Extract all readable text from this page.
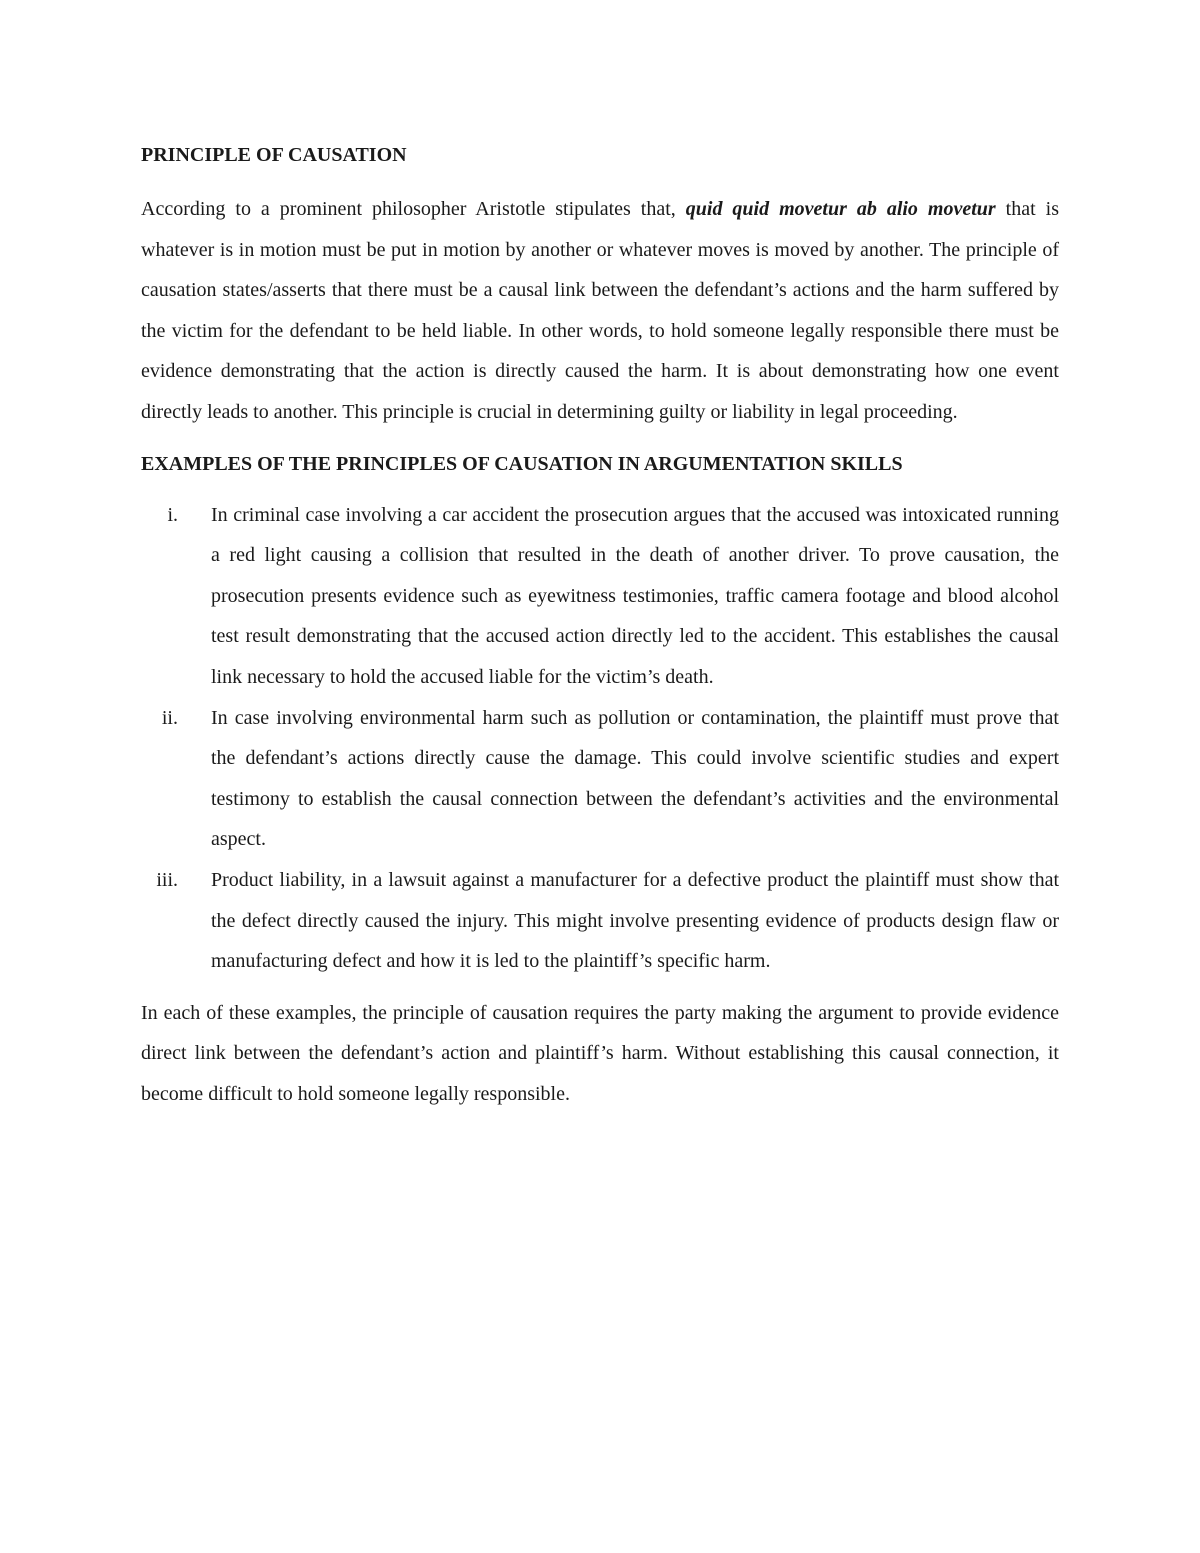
PRINCIPLE OF CAUSATION

According to a prominent philosopher Aristotle stipulates that, quid quid movetur ab alio movetur that is whatever is in motion must be put in motion by another or whatever moves is moved by another. The principle of causation states/asserts that there must be a causal link between the defendant’s actions and the harm suffered by the victim for the defendant to be held liable. In other words, to hold someone legally responsible there must be evidence demonstrating that the action is directly caused the harm. It is about demonstrating how one event directly leads to another. This principle is crucial in determining guilty or liability in legal proceeding.

EXAMPLES OF THE PRINCIPLES OF CAUSATION IN ARGUMENTATION SKILLS
i. In criminal case involving a car accident the prosecution argues that the accused was intoxicated running a red light causing a collision that resulted in the death of another driver. To prove causation, the prosecution presents evidence such as eyewitness testimonies, traffic camera footage and blood alcohol test result demonstrating that the accused action directly led to the accident. This establishes the causal link necessary to hold the accused liable for the victim’s death.
ii. In case involving environmental harm such as pollution or contamination, the plaintiff must prove that the defendant’s actions directly cause the damage. This could involve scientific studies and expert testimony to establish the causal connection between the defendant’s activities and the environmental aspect.
iii. Product liability, in a lawsuit against a manufacturer for a defective product the plaintiff must show that the defect directly caused the injury. This might involve presenting evidence of products design flaw or manufacturing defect and how it is led to the plaintiff’s specific harm.

In each of these examples, the principle of causation requires the party making the argument to provide evidence direct link between the defendant’s action and plaintiff’s harm. Without establishing this causal connection, it become difficult to hold someone legally responsible.
